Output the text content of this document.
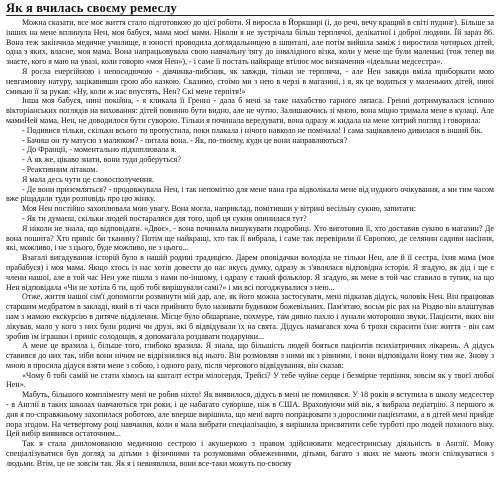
Як я вчилась своєму ремеслу

Можна сказати, все моє життя стало підготовкою до цієї роботи. Я виросла в Йоркширі (і, до речі, вечу кращий в світі пудинг). Більше за інших на мене вплинула Нен, моя бабуся, мама моєї мами. Ніколи я не зустрічала більш терплячої, делікатної і доброї людини. Їй зараз 86. Вона теж закінчила медичне училище, в юності проводила доглядальницею в шпиталі, але потім вийшла заміж і виростила чотирьох дітей, одна з яких, власне, моя мама. Вона напрацьовувала свою навчальну тягу до інвалідного візка, коли у мене ще були маленькі (тож тепер ви знаєте, кого я маю на увазі, коли говорю «моя Нен»), - і саме її постать найкраще втілює моє визначення «ідеальна медсестра».

Я росла енергійною і непосидючою - дівчинка-пибсник, як завжди, тільки не терпляча, - але Нен завжди вміла приборкати мою невгамовну натуру, зацікавивши грою або казкою. Сказимо, стоїмо ми з нею в черзі в магазині, і я, як це водиться у маленьких дітей, ниюі смикаю її за рукав: «Ну, коли ж нас впустять, Нен? Скі мене терпітя!»

Інша моя бабуся, нині покійна, - я кликала її Гренні - дала б мені за таке нахабство гарного ляпаса. Гренні дотримувалася істинно вікторіанських поглядів на виховання: дітей повинно бути видно, але не чутно. Залишаючись зі мною, вона міцно тримала мене в кулаці. Але мамиНей мама, Нен, не доводилося бути суворою. Тільки я починала вередувати, вона одразу ж кидала на мене хитрий погляд і говорила:

- Подивися тільки, скільки всього ти пропустила, поки плакала і нічого навколо не помічала! І сама зацікавлено дивилася в інший бік.

- Бачиш он ту матусю з малюком? - питала вона. - Як, по-твоєму, куди це вони направляються?

- До Франції, - моментально підхоплювала я.

- А як же, цікаво знати, вони туди доберуться?

- Реактивним літаком.

Я мала десь чути це словосполучення.

- Де вони приземляться? - продовжувала Нен, і так непомітно для мене нана гра відволікала мене від нудного очікування, а ми тим часом вже ріщадали туди розповідь про цю жінку.

Моя Нен постійно захоплювала мою увагу. Вона могла, наприклад, помітивши у вітрині весільну сукню, запитати:

- Як ти думаєш, скільки людей постаралися для того, щоб ця сукня опинилася тут?

Я ніколи не знала, що відповідати. «Двоє», - вона починала вишукувати подробиці. Хто виготовив її, хто доставив сукню в магазин? Де вона пошита? Хто приніс би тканину? Потім ще найкращі, хто так її вибрала, і саме так перевірили її Європою, де селянин садиви насіння, які, можливо, і не з цього, буде можливо, не з цього...

Взагалі вигадування історій було в нашій родині традицією. Дарем оповідачки володіла не тільки Нен, але й її сестра, їхня мама (моя прабабуся) і моя мама. Якщо хтось із нас хотів довести до нас якусь думку, одразу ж з'являлася відповідна історія. Я згадую, як дід і ще є члени нашої, але в той час Нен уже пішла з нами по-іншому, і одразу є такий фольклор. Я згадую, як мене в той час ставило в тупик, на що Нен відповідала «Чи не хотіла б ти, щоб тобі вирішували самі?» і ми всі погоджувалися з нею...

Отже, життя нашої сім'ї допомогли розвинути мій дар, але, як його можна застосувати, мені підказав дідусь, чоловік Нен. Він працював старшим медбратом в закладі, який в ті часи прийнято було називати будинком божевільних. Пам'ятаю, восьм ріс рах на Різдво він влаштував нам з мамою екскурсію в дитяче відділення. Місце було обшарпане, похмуре, там дивно пахло і лунали моторошні звуки. Пацієнти, яких він лікував, мало у кого з них були родичі чи друзі, які б відвідували їх на свята. Дідусь намагався хоча б трохи скрасити їхнє життя - він сам зробив їм іграшки і приніс солодощів, я допомагала роздавати подарунки...

А мене це вразила і, більше того, глибоко вразила. Я знала, що більшість людей бояться пацієнтів психіатричних лікарень. А дідусь ставився до них так, ніби вони нічим не відрізнялися від нього. Він розмовляв з ними як з рівними, і вони відповідали йому тим же. Знову з мною я просила дідуся взяти мене з собою, і одного разу, після чергового відвідування, він сказав:

«Чому б тобі самій не стати хімось на кшталт естри мілосердя, Трейсі? У тебе чуйне серце і безмірне терпіння, зовсім як у твоєї любої Нен».

Мабуть, більшого компліменту мені не робив ніхто! Як виявилося, дідусь в мені не помилявся. У 18 років я вступила в школу медсестер - в Англії в таких школах навчаються три роки, і це набагато суворіше, ніж в США. Враховуючи мій вік, я вибрала педіатрію. З першого ж дня я по-справжньому захопилася роботою, але вперше вирішила, що мені варто попрацювати з дорослими пацієнтами, а в дітей мені прийде пора згодом. На четвертому році навчання, коли я мала вибрати спеціалізацію, я вирішила присвятити себе турботі про людей похилого віку. Цей вибір виявився остаточним...

Так я стала дипломованою медичною сестрою і акушеркою з правом здійснювати медсестринську діяльність в Англії. Можу спеціалізуватися був догляд за дітьми з фізичними та розумовими обмеженнями, дітьми, багато з яких не мають змоги спілкуватися з людьми. Втім, це не зовсім так. Як я і невиявляла, вони все-таки можуть по-своєму
